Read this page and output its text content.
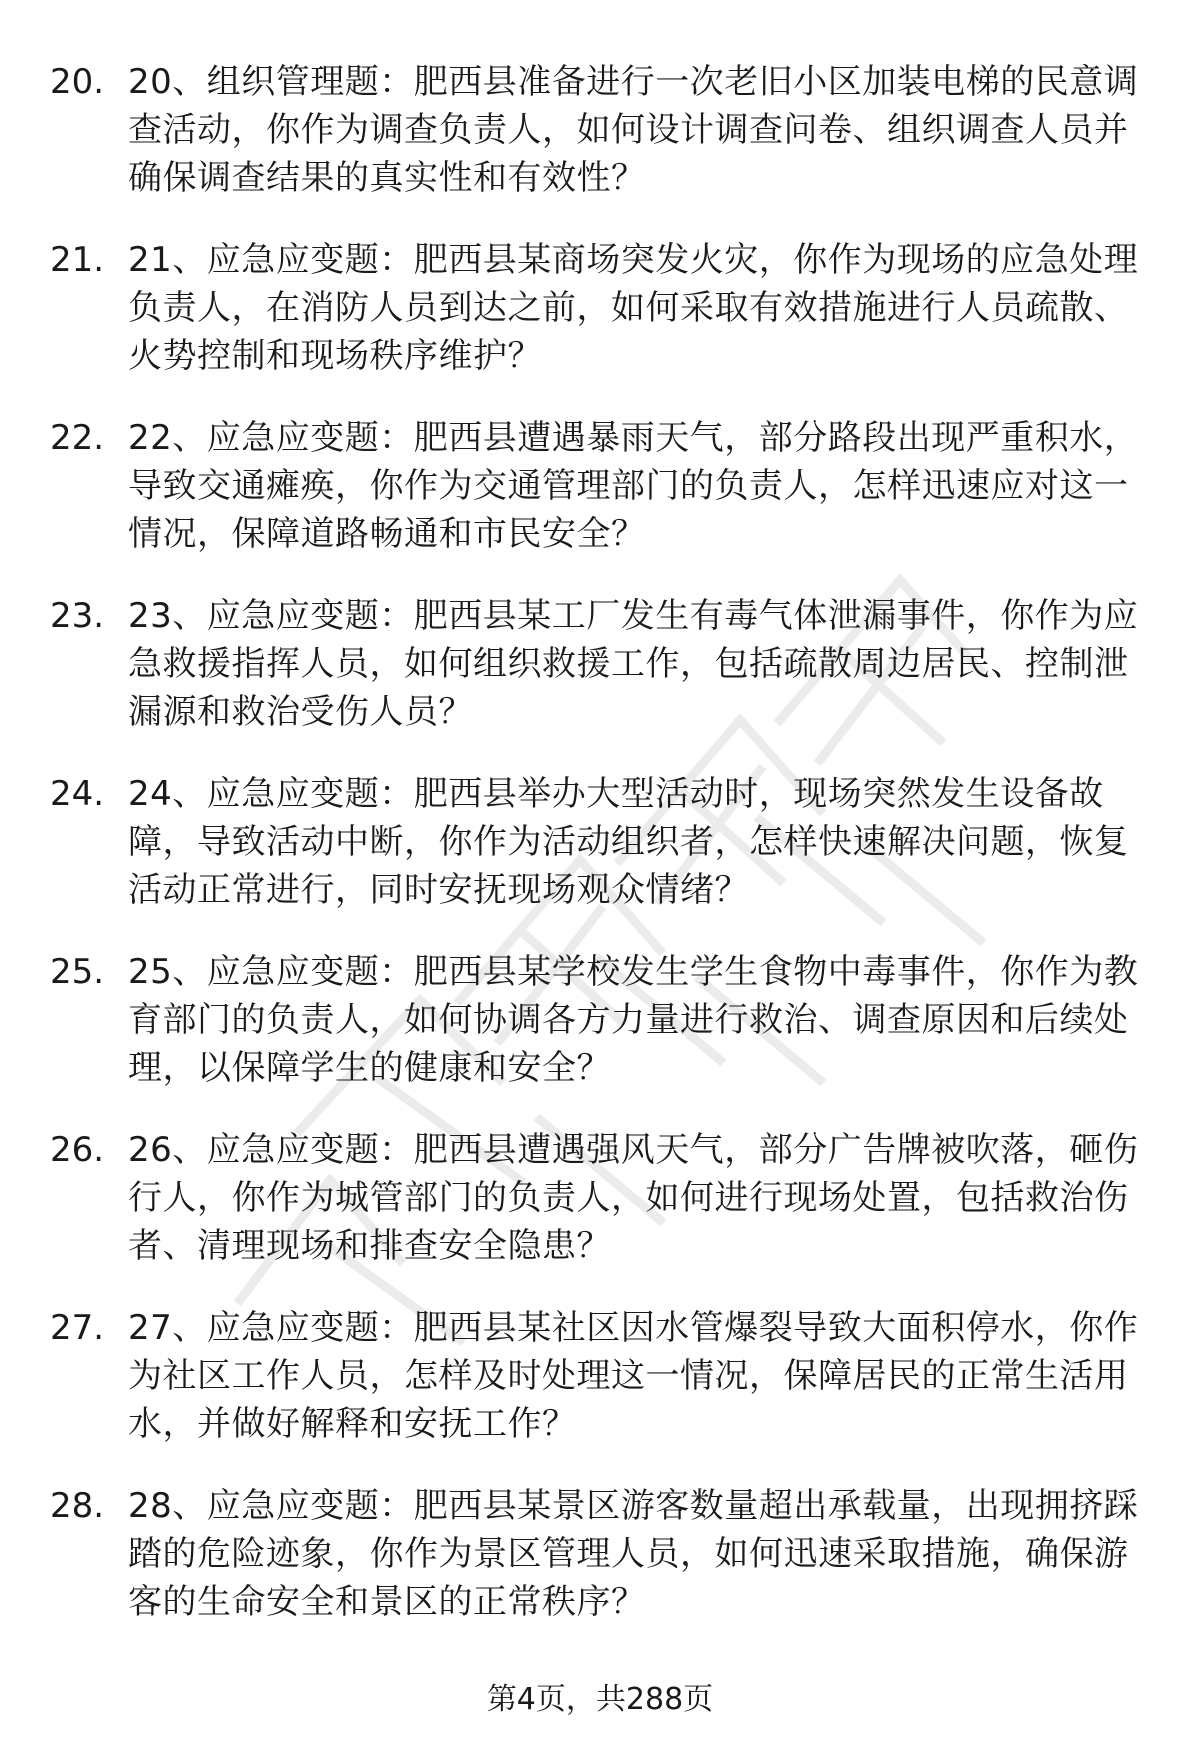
20. 20、组织管理题：肥西县准备进行一次老旧小区加装电梯的民意调查活动，你作为调查负责人，如何设计调查问卷、组织调查人员并确保调查结果的真实性和有效性？
21. 21、应急应变题：肥西县某商场突发火灾，你作为现场的应急处理负责人，在消防人员到达之前，如何采取有效措施进行人员疏散、火势控制和现场秩序维护？
22. 22、应急应变题：肥西县遭遇暴雨天气，部分路段出现严重积水，导致交通瘫痪，你作为交通管理部门的负责人，怎样迅速应对这一情况，保障道路畅通和市民安全？
23. 23、应急应变题：肥西县某工厂发生有毒气体泄漏事件，你作为应急救援指挥人员，如何组织救援工作，包括疏散周边居民、控制泄漏源和救治受伤人员？
24. 24、应急应变题：肥西县举办大型活动时，现场突然发生设备故障，导致活动中断，你作为活动组织者，怎样快速解决问题，恢复活动正常进行，同时安抚现场观众情绪？
25. 25、应急应变题：肥西县某学校发生学生食物中毒事件，你作为教育部门的负责人，如何协调各方力量进行救治、调查原因和后续处理，以保障学生的健康和安全？
26. 26、应急应变题：肥西县遭遇强风天气，部分广告牌被吹落，砸伤行人，你作为城管部门的负责人，如何进行现场处置，包括救治伤者、清理现场和排查安全隐患？
27. 27、应急应变题：肥西县某社区因水管爆裂导致大面积停水，你作为社区工作人员，怎样及时处理这一情况，保障居民的正常生活用水，并做好解释和安抚工作？
28. 28、应急应变题：肥西县某景区游客数量超出承载量，出现拥挤踩踏的危险迹象，你作为景区管理人员，如何迅速采取措施，确保游客的生命安全和景区的正常秩序？
第4页，共288页
